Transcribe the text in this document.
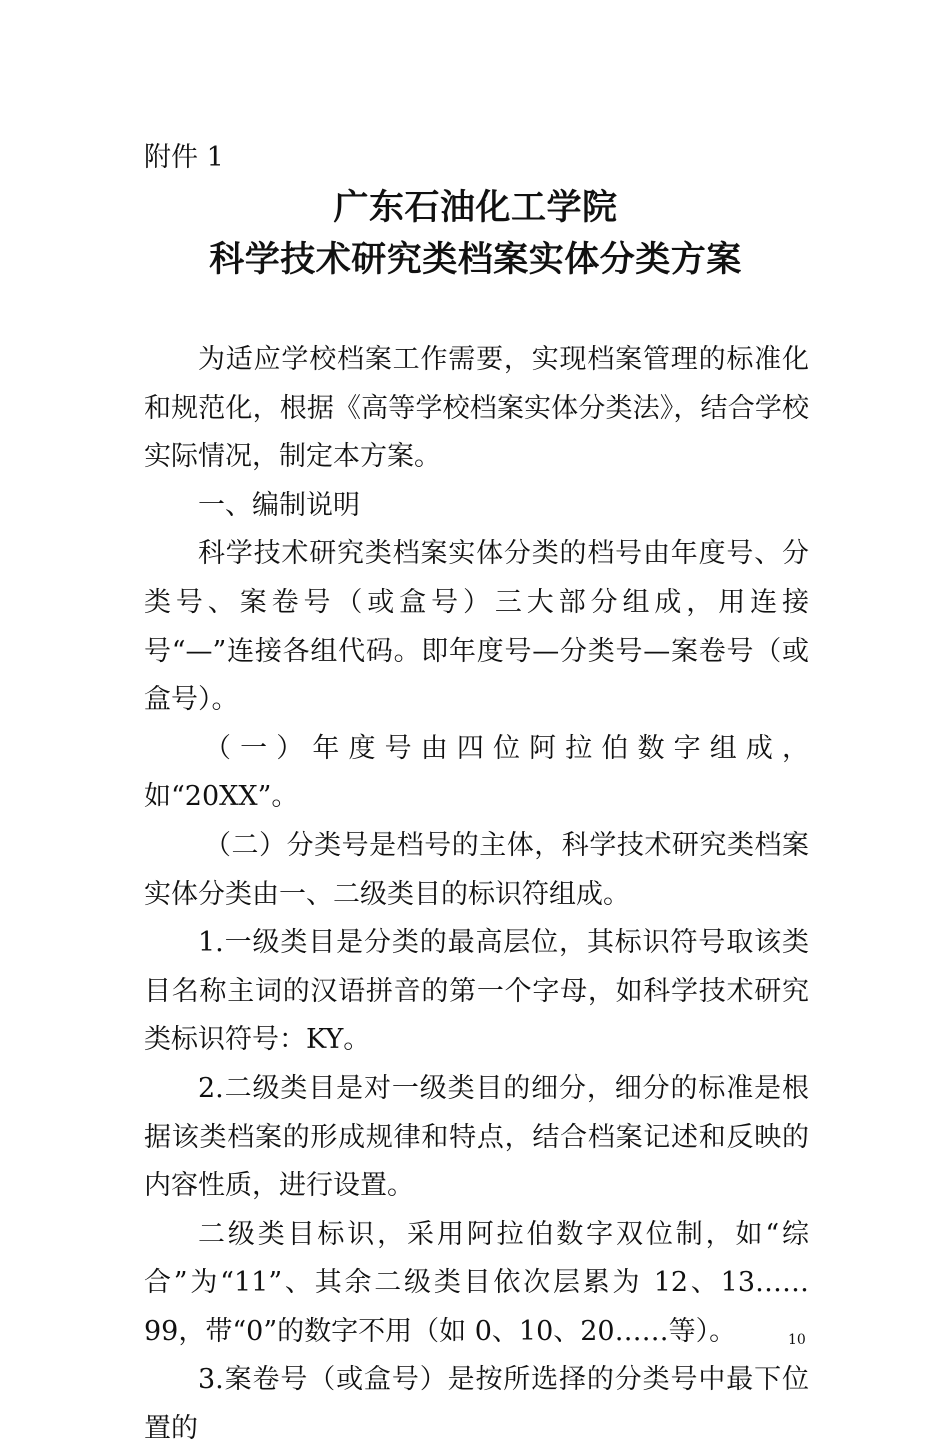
附件 1
广东石油化工学院
科学技术研究类档案实体分类方案

为适应学校档案工作需要，实现档案管理的标准化和规范化，根据《高等学校档案实体分类法》，结合学校实际情况，制定本方案。

一、编制说明

科学技术研究类档案实体分类的档号由年度号、分类号、案卷号（或盒号）三大部分组成，用连接号“—”连接各组代码。即年度号—分类号—案卷号（或盒号）。

（一）年度号由四位阿拉伯数字组成，如“20XX”。

（二）分类号是档号的主体，科学技术研究类档案实体分类由一、二级类目的标识符组成。

1.一级类目是分类的最高层位，其标识符号取该类目名称主词的汉语拼音的第一个字母，如科学技术研究类标识符号：KY。

2.二级类目是对一级类目的细分，细分的标准是根据该类档案的形成规律和特点，结合档案记述和反映的内容性质，进行设置。

二级类目标识，采用阿拉伯数字双位制，如“综合”为“11”、其余二级类目依次层累为 12、13……99，带“0”的数字不用（如 0、10、20……等）。

3.案卷号（或盒号）是按所选择的分类号中最下位置的

10
